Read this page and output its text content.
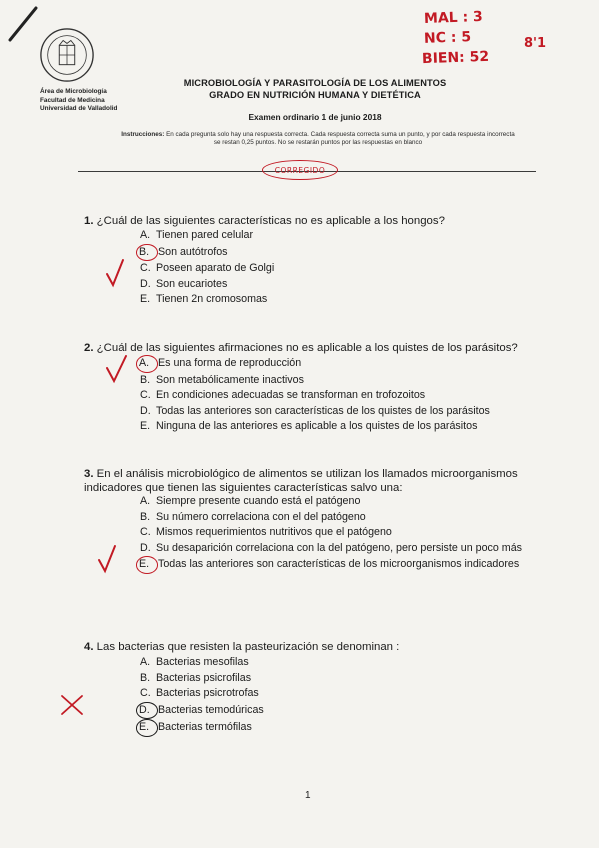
Área de Microbiología
Facultad de Medicina
Universidad de Valladolid
MICROBIOLOGÍA Y PARASITOLOGÍA DE LOS ALIMENTOS
GRADO EN NUTRICIÓN HUMANA Y DIETÉTICA
Examen ordinario 1 de junio 2018
Instrucciones: En cada pregunta solo hay una respuesta correcta. Cada respuesta correcta suma un punto, y por cada respuesta incorrecta se restan 0,25 puntos. No se restarán puntos por las respuestas en blanco
CORREGIDO
MAL : 3
NC : 5
BIEN: 52
8'1
1. ¿Cuál de las siguientes características no es aplicable a los hongos?
A. Tienen pared celular
B. Son autótrofos
C. Poseen aparato de Golgi
D. Son eucariotes
E. Tienen 2n cromosomas
2. ¿Cuál de las siguientes afirmaciones no es aplicable a los quistes de los parásitos?
A. Es una forma de reproducción
B. Son metabólicamente inactivos
C. En condiciones adecuadas se transforman en trofozoitos
D. Todas las anteriores son características de los quistes de los parásitos
E. Ninguna de las anteriores es aplicable a los quistes de los parásitos
3. En el análisis microbiológico de alimentos se utilizan los llamados microorganismos indicadores que tienen las siguientes características salvo una:
A. Siempre presente cuando está el patógeno
B. Su número correlaciona con el del patógeno
C. Mismos requerimientos nutritivos que el patógeno
D. Su desaparición correlaciona con la del patógeno, pero persiste un poco más
E. Todas las anteriores son características de los microorganismos indicadores
4. Las bacterias que resisten la pasteurización se denominan :
A. Bacterias mesofilas
B. Bacterias psicrofilas
C. Bacterias psicrotrofas
D. Bacterias temodúricas
E. Bacterias termófilas
1
